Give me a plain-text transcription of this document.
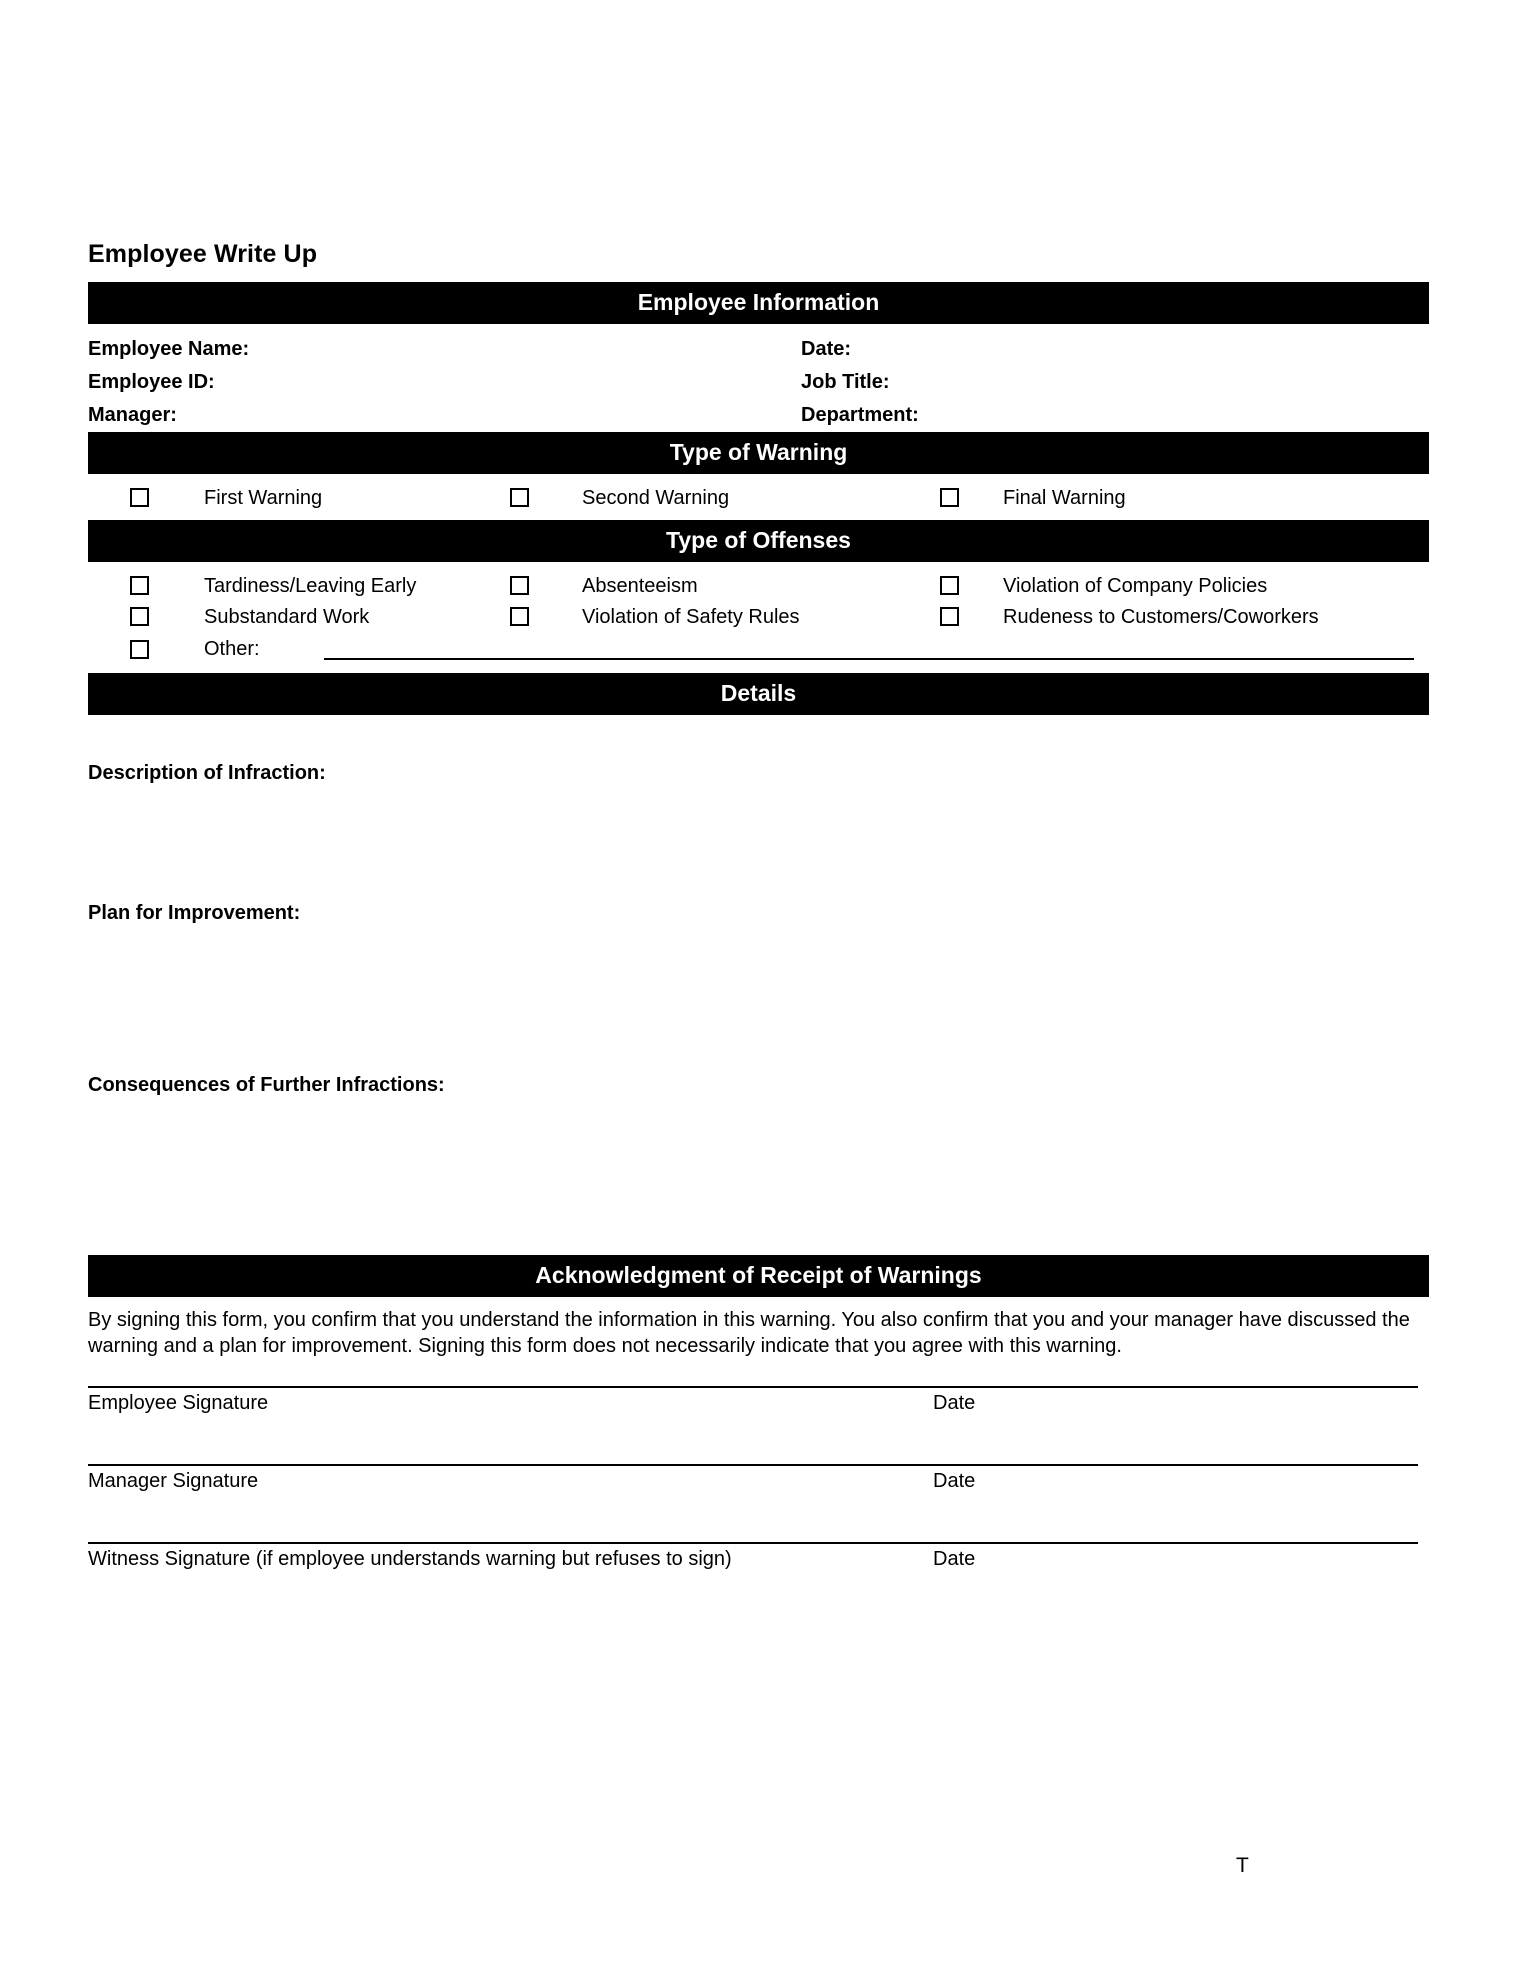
Employee Write Up
Employee Information
Employee Name:	Date:
Employee ID:	Job Title:
Manager:	Department:
Type of Warning
First Warning	Second Warning	Final Warning
Type of Offenses
Tardiness/Leaving Early	Absenteeism	Violation of Company Policies
Substandard Work	Violation of Safety Rules	Rudeness to Customers/Coworkers
Other:
Details
Description of Infraction:
Plan for Improvement:
Consequences of Further Infractions:
Acknowledgment of Receipt of Warnings
By signing this form, you confirm that you understand the information in this warning. You also confirm that you and your manager have discussed the warning and a plan for improvement. Signing this form does not necessarily indicate that you agree with this warning.
Employee Signature	Date
Manager Signature	Date
Witness Signature (if employee understands warning but refuses to sign)	Date
T
